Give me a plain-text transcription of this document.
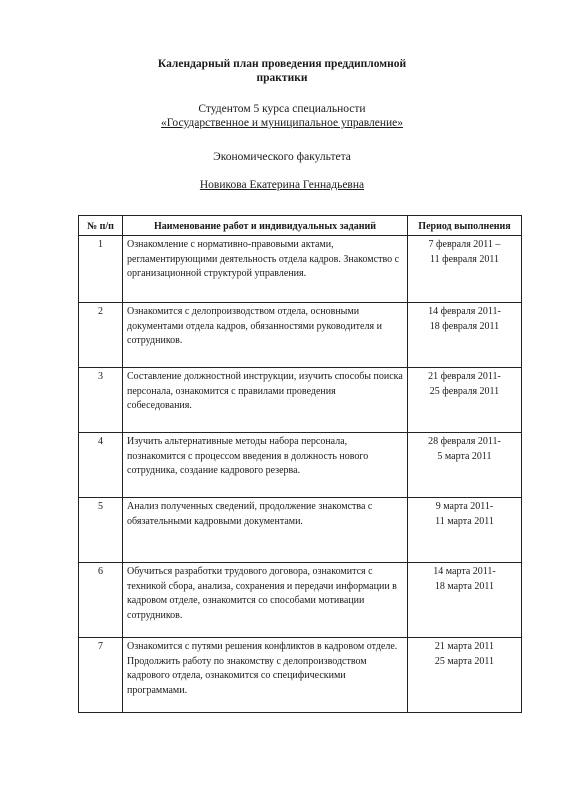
Календарный план проведения преддипломной
практики
Студентом 5 курса специальности
«Государственное и муниципальное управление»
Экономического факультета
Новикова Екатерина Геннадьевна
№ п/п	Наименование работ и индивидуальных заданий	Период выполнения
1	Ознакомление с нормативно-правовыми актами, регламентирующими деятельность отдела кадров. Знакомство с организационной структурой управления.	7 февраля 2011 –
11 февраля 2011

2	Ознакомится с делопроизводством отдела, основными документами отдела кадров, обязанностями руководителя и сотрудников.	14 февраля 2011-
18 февраля 2011

3	Составление должностной инструкции, изучить способы поиска персонала, ознакомится с правилами проведения собеседования.	21 февраля 2011-
25 февраля 2011

4	Изучить альтернативные методы набора персонала, познакомится с процессом введения в должность нового сотрудника, создание кадрового резерва.	28 февраля 2011-
5 марта 2011

5	Анализ полученных сведений, продолжение знакомства с обязательными кадровыми документами.	9 марта 2011-
11 марта 2011

6	Обучиться разработки трудового договора, ознакомится с техникой сбора, анализа, сохранения и передачи информации в кадровом отделе, ознакомится со способами мотивации сотрудников.	14 марта 2011-
18 марта 2011

7	Ознакомится с путями решения конфликтов в кадровом отделе. Продолжить работу по знакомству с делопроизводством кадрового отдела, ознакомится со специфическими программами.	21 марта 2011
25 марта 2011
